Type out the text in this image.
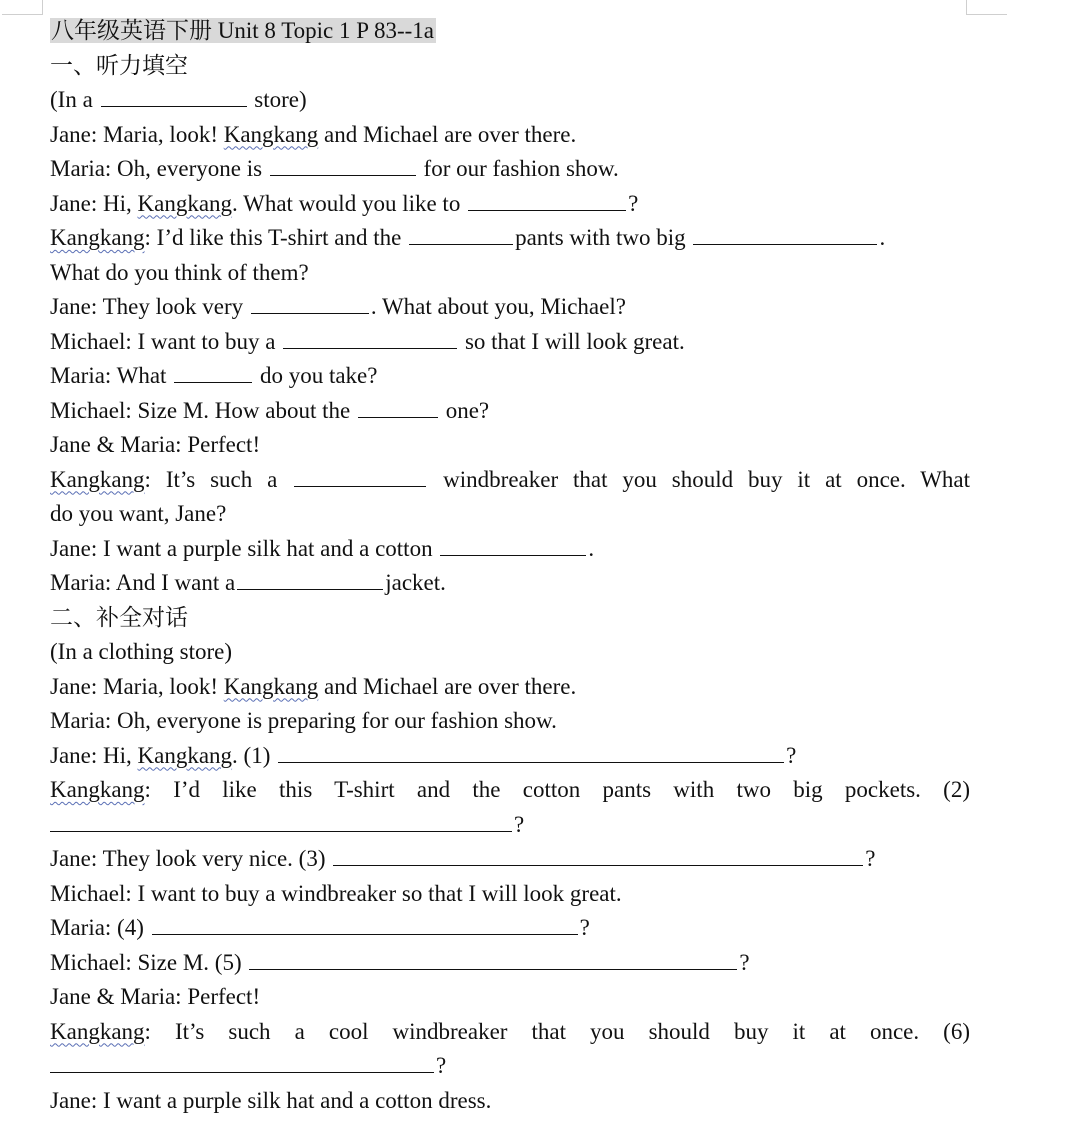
八年级英语下册 Unit 8 Topic 1 P 83--1a
一、听力填空
(In a	store)
Jane: Maria, look! Kangkang and Michael are over there.
Maria: Oh, everyone is	for our fashion show.
Jane: Hi, Kangkang. What would you like to	?
Kangkang: I’d like this T-shirt and the	pants with two big	.
What do you think of them?
Jane: They look very	. What about you, Michael?
Michael: I want to buy a	so that I will look great.
Maria: What	do you take?
Michael: Size M. How about the	one?
Jane & Maria: Perfect!
Kangkang: It’s such a	windbreaker that you should buy it at once. What
do you want, Jane?
Jane: I want a purple silk hat and a cotton	.
Maria: And I want a	jacket.
二、补全对话
(In a clothing store)
Jane: Maria, look! Kangkang and Michael are over there.
Maria: Oh, everyone is preparing for our fashion show.
Jane: Hi, Kangkang. (1)	?
Kangkang: I’d like this T-shirt and the cotton pants with two big pockets. (2)
?
Jane: They look very nice. (3)	?
Michael: I want to buy a windbreaker so that I will look great.
Maria: (4)	?
Michael: Size M. (5)	?
Jane & Maria: Perfect!
Kangkang: It’s such a cool windbreaker that you should buy it at once. (6)
?
Jane: I want a purple silk hat and a cotton dress.
